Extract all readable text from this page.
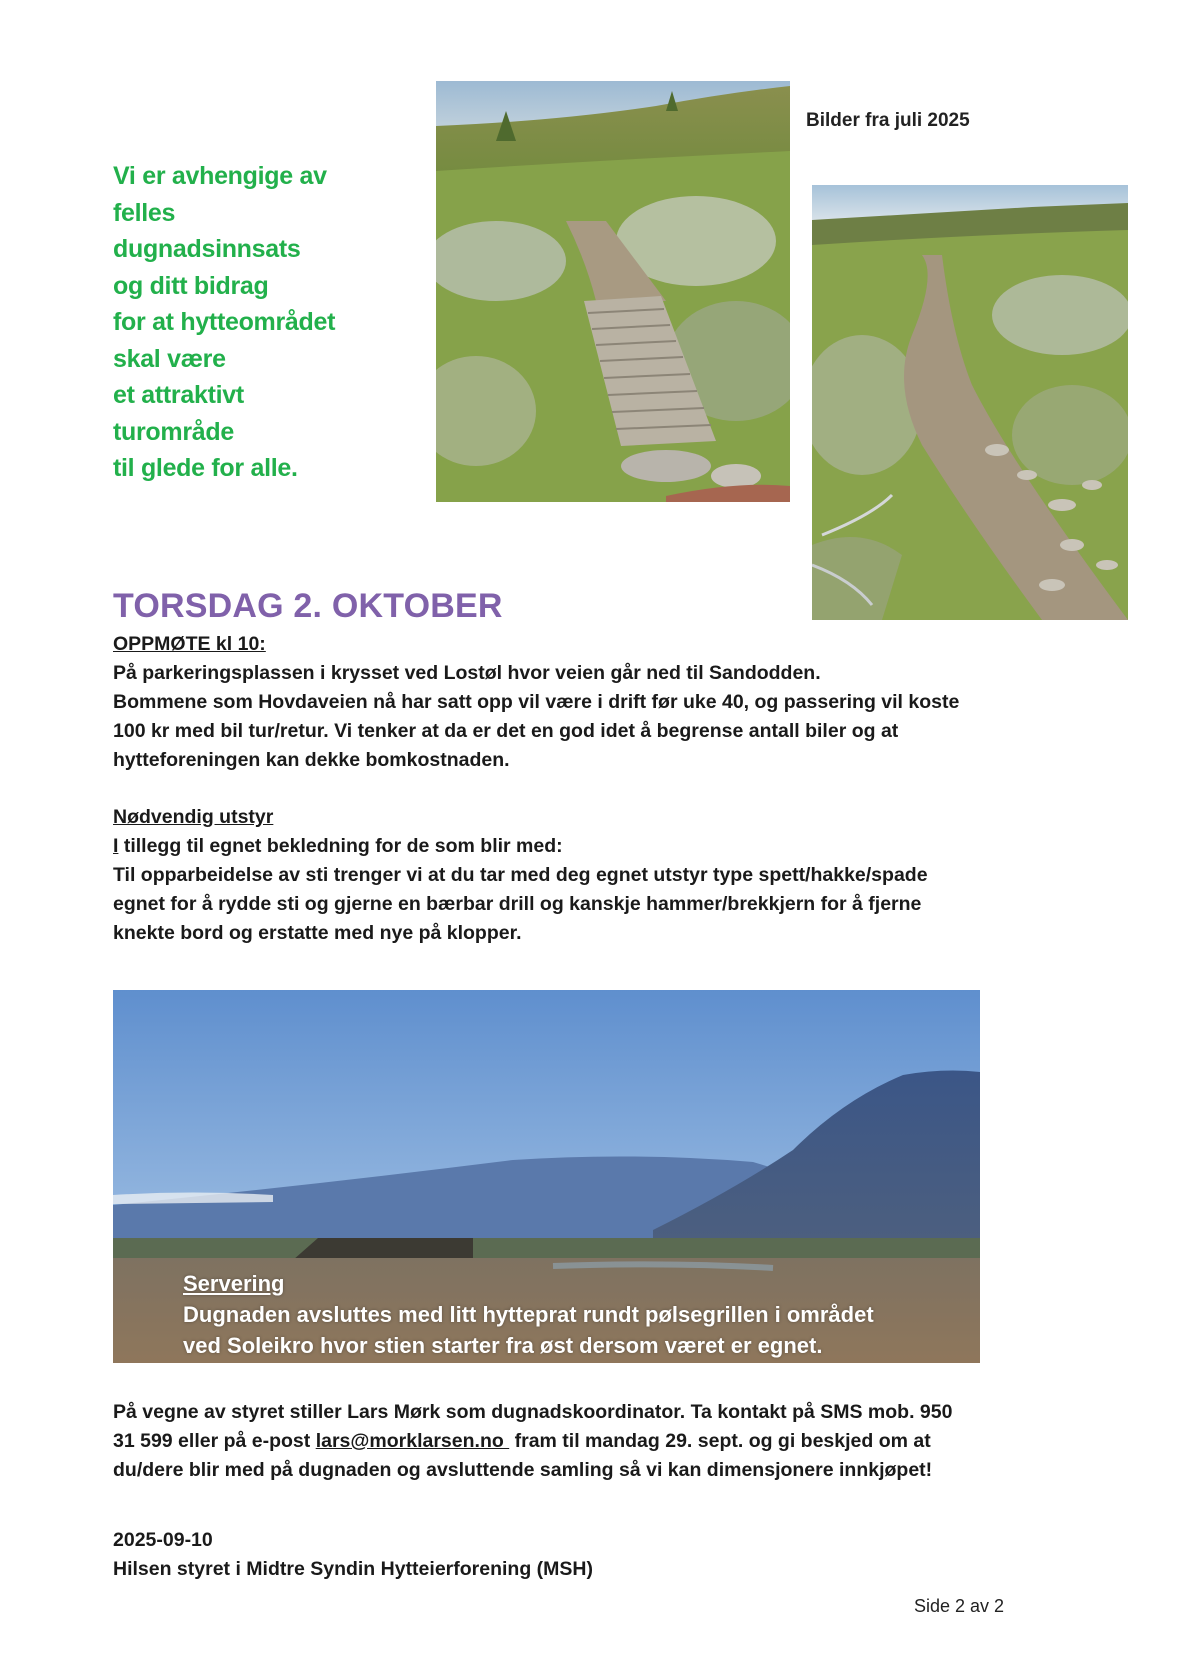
Vi er avhengige av
felles
dugnadsinnsats
og ditt bidrag
for at hytteområdet
skal være
et attraktivt
turområde
til glede for alle.
Bilder fra juli 2025
TORSDAG 2. OKTOBER

OPPMØTE kl 10:

På parkeringsplassen i krysset ved Lostøl hvor veien går ned til Sandodden.

Bommene som Hovdaveien nå har satt opp vil være i drift før uke 40, og passering vil koste

100 kr med bil tur/retur. Vi tenker at da er det en god idet å begrense antall biler og at

hytteforeningen kan dekke bomkostnaden.

Nødvendig utstyr

I tillegg til egnet bekledning for de som blir med:

Til opparbeidelse av sti trenger vi at du tar med deg egnet utstyr type spett/hakke/spade

egnet for å rydde sti og gjerne en bærbar drill og kanskje hammer/brekkjern for å fjerne

knekte bord og erstatte med nye på klopper.

Servering
Dugnaden avsluttes med litt hytteprat rundt pølsegrillen i området
ved Soleikro hvor stien starter fra øst dersom været er egnet.

På vegne av styret stiller Lars Mørk som dugnadskoordinator. Ta kontakt på SMS mob. 950

31 599 eller på e-post lars@morklarsen.no  fram til mandag 29. sept. og gi beskjed om at

du/dere blir med på dugnaden og avsluttende samling så vi kan dimensjonere innkjøpet!

2025-09-10

Hilsen styret i Midtre Syndin Hytteierforening (MSH)

Side 2 av 2
